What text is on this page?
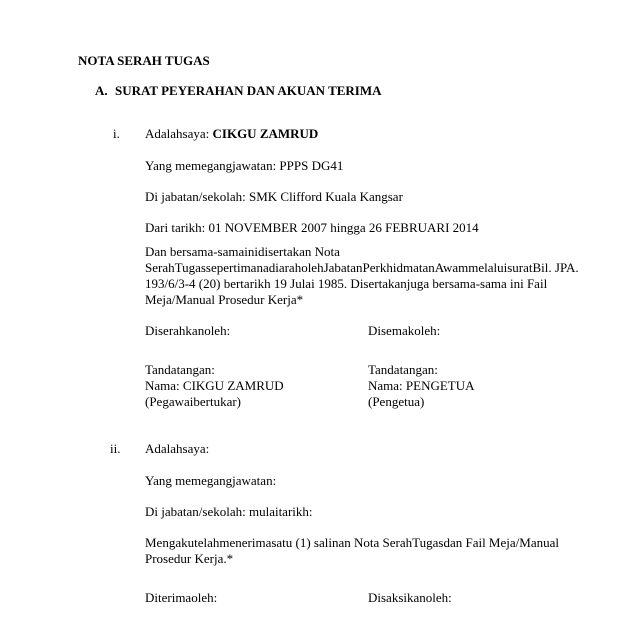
NOTA SERAH TUGAS
A. SURAT PEYERAHAN DAN AKUAN TERIMA
i. Adalahsaya: CIKGU ZAMRUD
Yang memegangjawatan: PPPS DG41
Di jabatan/sekolah: SMK Clifford Kuala Kangsar
Dari tarikh: 01 NOVEMBER 2007 hingga 26 FEBRUARI 2014
Dan bersama-samainidisertakan Nota
SerahTugassepertimanadiaraholehJabatanPerkhidmatanAwammelaluisuratBil. JPA.
193/6/3-4 (20) bertarikh 19 Julai 1985. Disertakanjuga bersama-sama ini Fail
Meja/Manual Prosedur Kerja*
Diserahkanoleh:	Disemakoleh:
Tandatangan:
Nama: CIKGU ZAMRUD
(Pegawaibertukar)
Tandatangan:
Nama: PENGETUA
(Pengetua)
ii. Adalahsaya:
Yang memegangjawatan:
Di jabatan/sekolah: mulaitarikh:
Mengakutelahmenerimasatu (1) salinan Nota SerahTugasdan Fail Meja/Manual
Prosedur Kerja.*
Diterimaoleh:	Disaksikanoleh:
